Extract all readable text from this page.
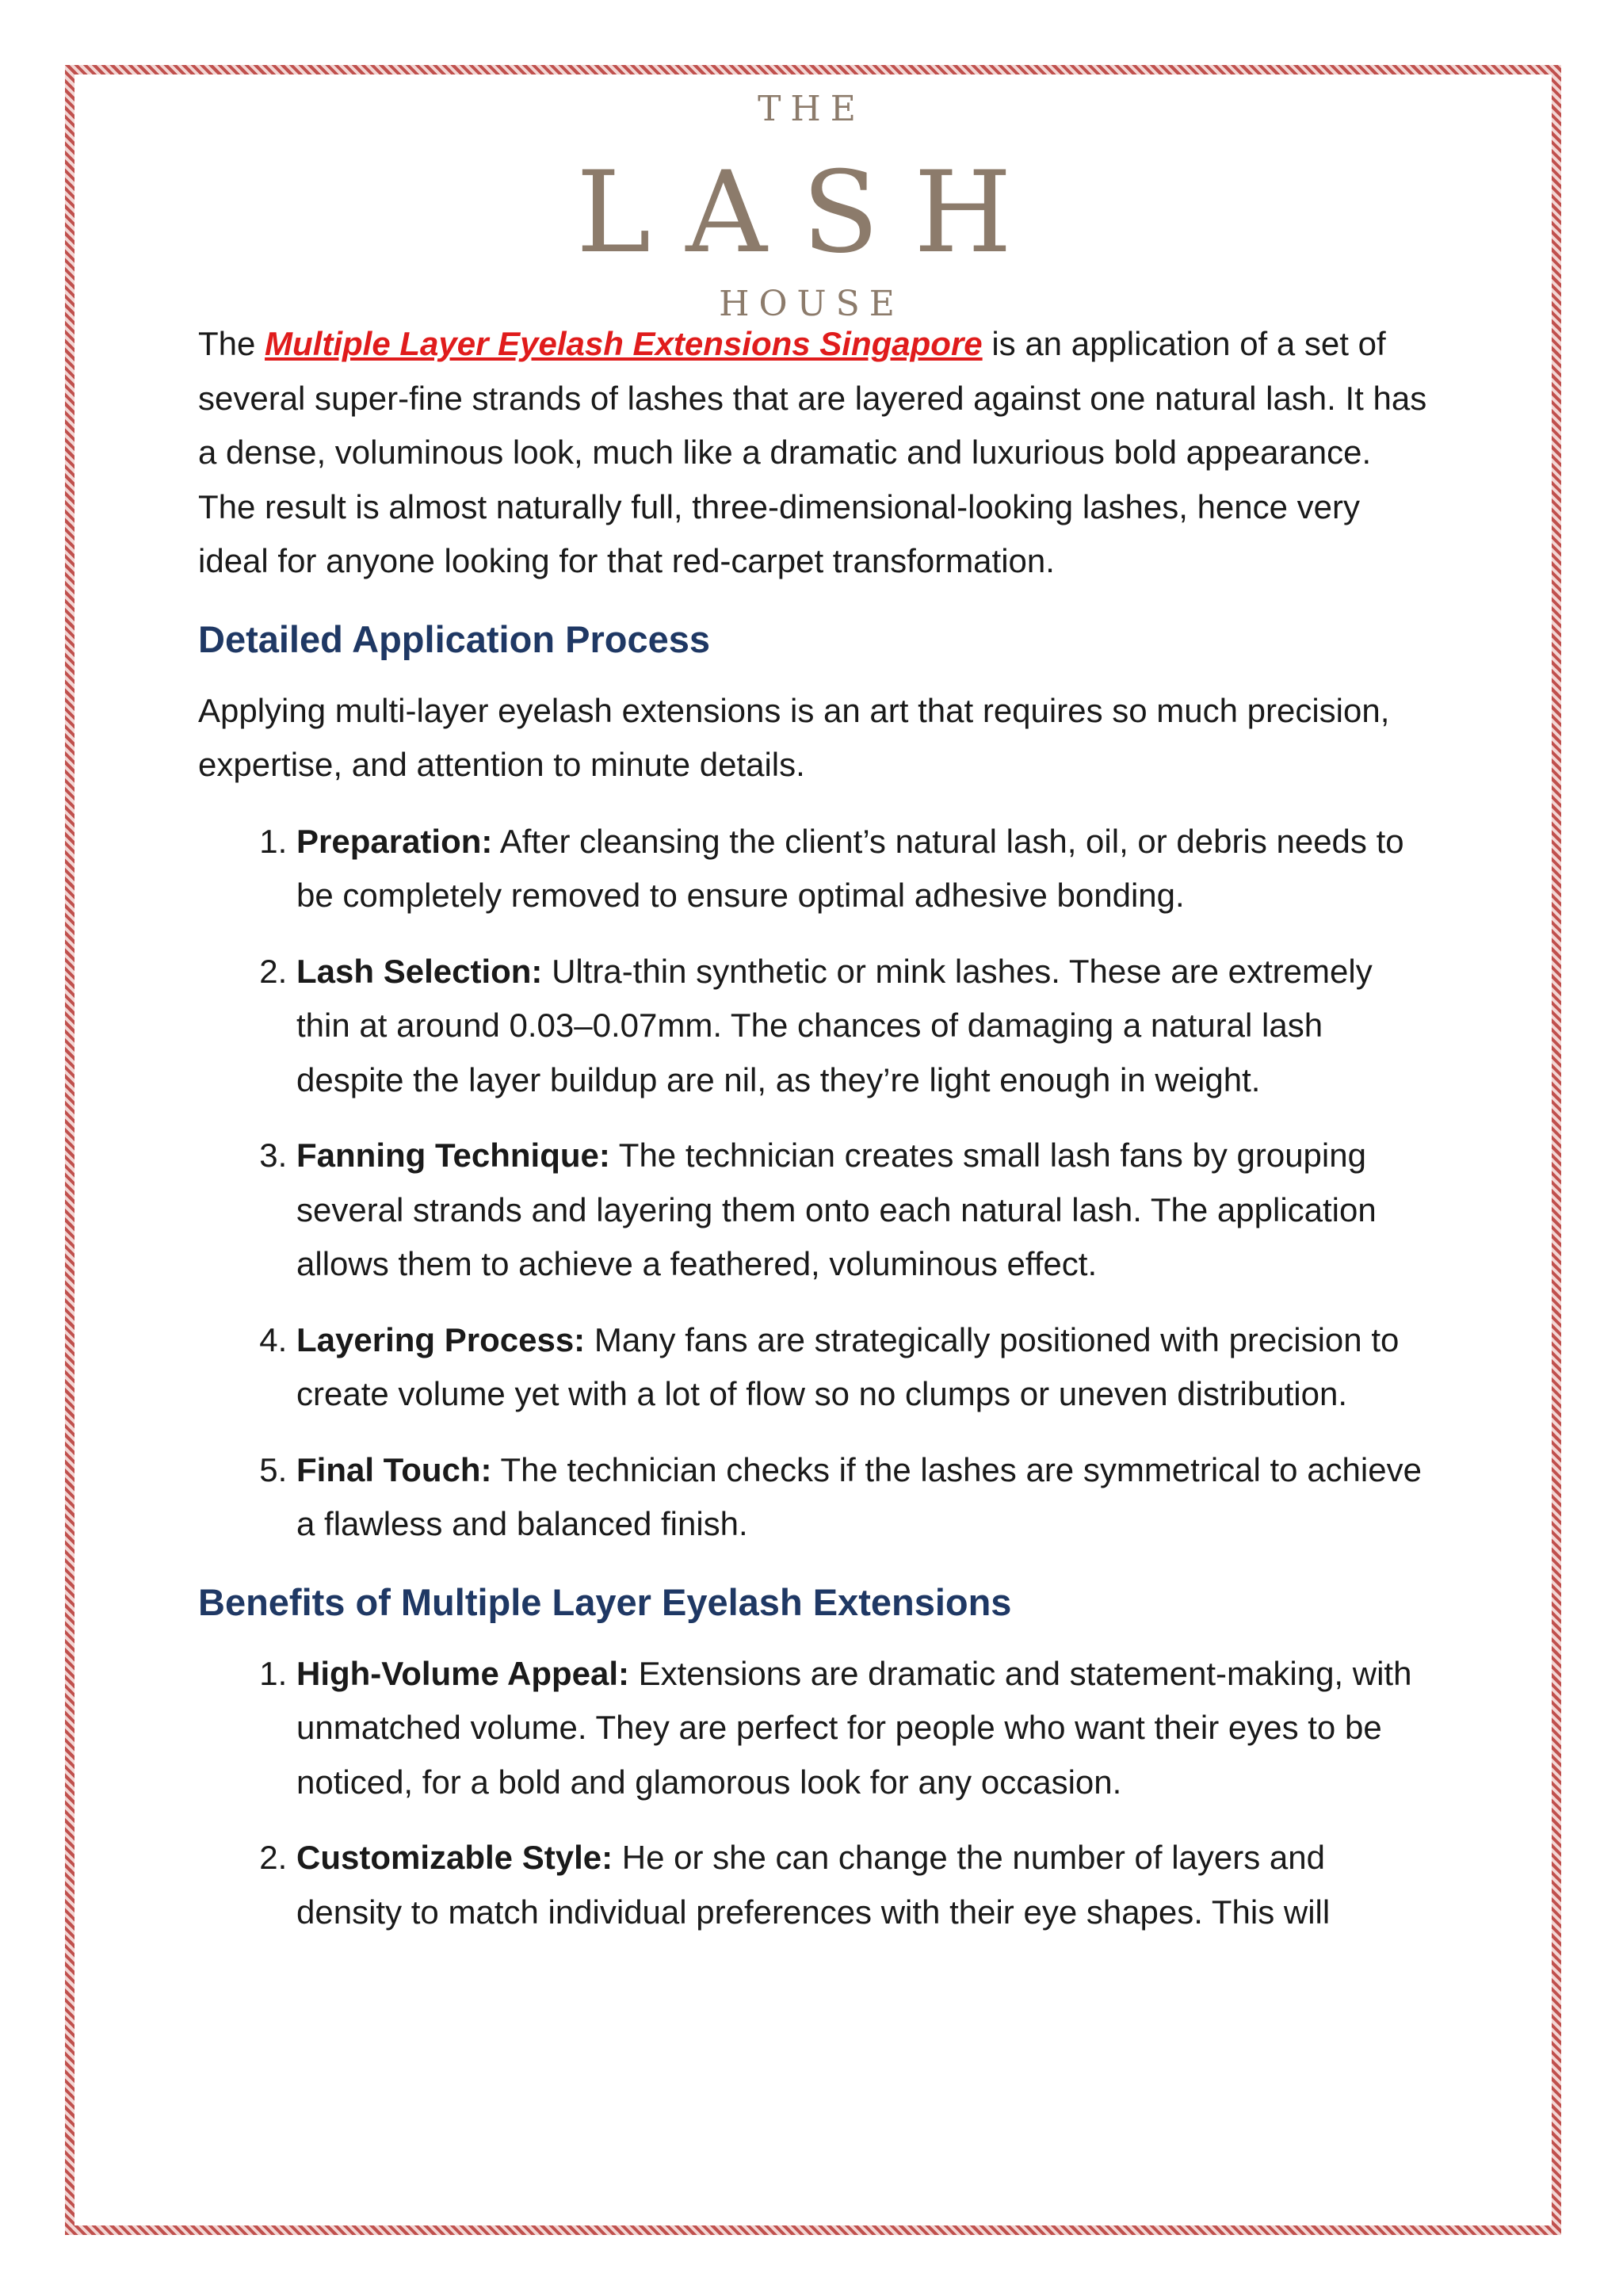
THE
LASH
HOUSE

The Multiple Layer Eyelash Extensions Singapore is an application of a set of several super-fine strands of lashes that are layered against one natural lash. It has a dense, voluminous look, much like a dramatic and luxurious bold appearance. The result is almost naturally full, three-dimensional-looking lashes, hence very ideal for anyone looking for that red-carpet transformation.

Detailed Application Process

Applying multi-layer eyelash extensions is an art that requires so much precision, expertise, and attention to minute details.

1. Preparation: After cleansing the client’s natural lash, oil, or debris needs to be completely removed to ensure optimal adhesive bonding.
2. Lash Selection: Ultra-thin synthetic or mink lashes. These are extremely thin at around 0.03–0.07mm. The chances of damaging a natural lash despite the layer buildup are nil, as they’re light enough in weight.
3. Fanning Technique: The technician creates small lash fans by grouping several strands and layering them onto each natural lash. The application allows them to achieve a feathered, voluminous effect.
4. Layering Process: Many fans are strategically positioned with precision to create volume yet with a lot of flow so no clumps or uneven distribution.
5. Final Touch: The technician checks if the lashes are symmetrical to achieve a flawless and balanced finish.
Benefits of Multiple Layer Eyelash Extensions
1. High-Volume Appeal: Extensions are dramatic and statement-making, with unmatched volume. They are perfect for people who want their eyes to be noticed, for a bold and glamorous look for any occasion.
2. Customizable Style: He or she can change the number of layers and density to match individual preferences with their eye shapes. This will
